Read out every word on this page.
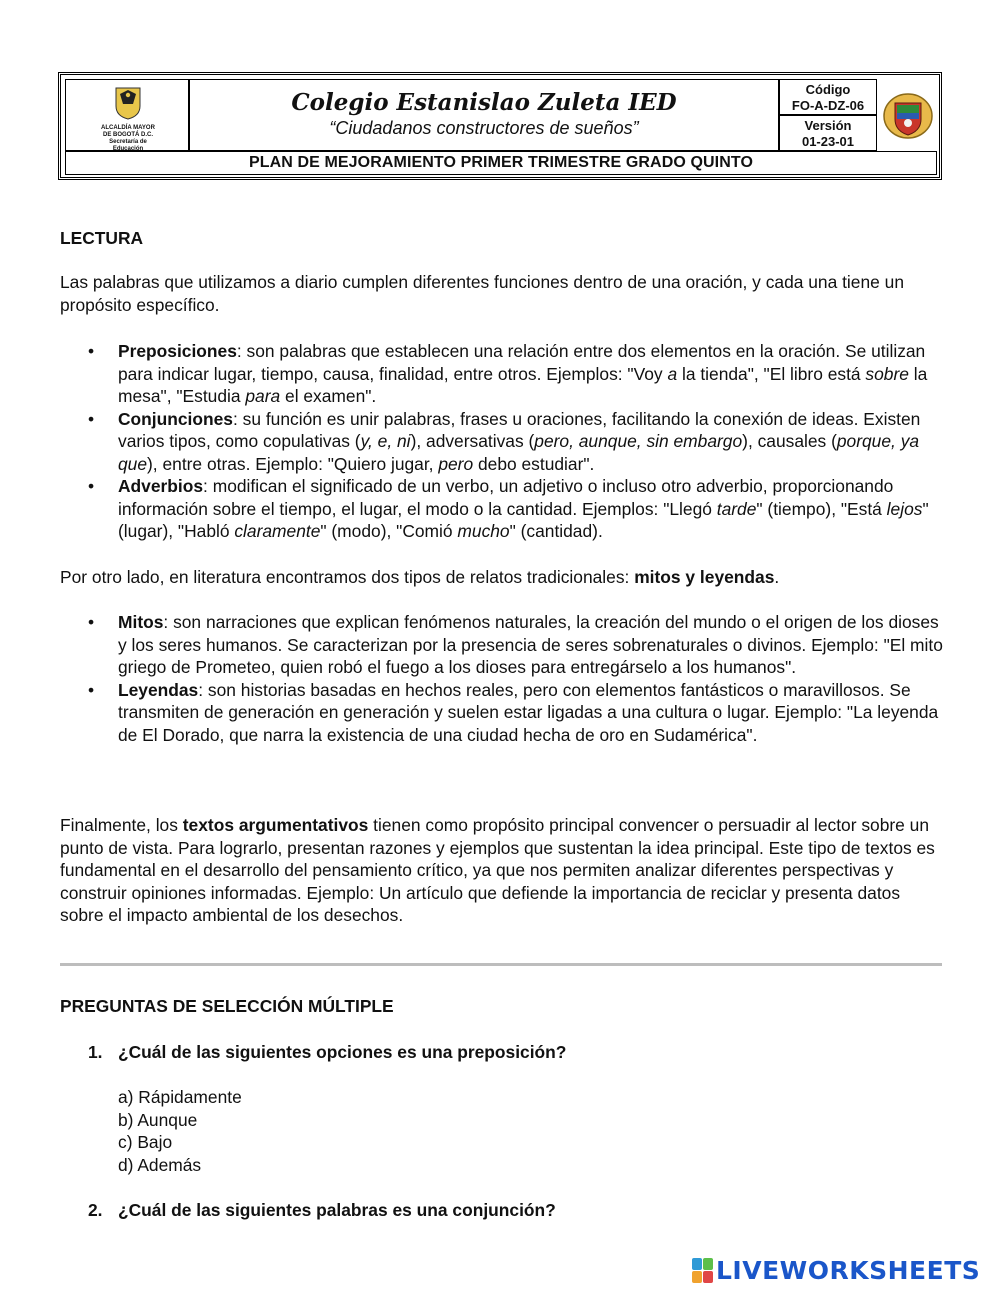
ALCALDÍA MAYOR
DE BOGOTÁ D.C.
Secretaría de
Educación
Colegio Estanislao Zuleta IED
“Ciudadanos constructores de sueños”
Código
FO-A-DZ-06
Versión
01-23-01
PLAN DE MEJORAMIENTO PRIMER TRIMESTRE GRADO QUINTO
LECTURA
Las palabras que utilizamos a diario cumplen diferentes funciones dentro de una oración, y cada una tiene un propósito específico.
• Preposiciones: son palabras que establecen una relación entre dos elementos en la oración. Se utilizan para indicar lugar, tiempo, causa, finalidad, entre otros. Ejemplos: "Voy a la tienda", "El libro está sobre la mesa", "Estudia para el examen".
• Conjunciones: su función es unir palabras, frases u oraciones, facilitando la conexión de ideas. Existen varios tipos, como copulativas (y, e, ni), adversativas (pero, aunque, sin embargo), causales (porque, ya que), entre otras. Ejemplo: "Quiero jugar, pero debo estudiar".
• Adverbios: modifican el significado de un verbo, un adjetivo o incluso otro adverbio, proporcionando información sobre el tiempo, el lugar, el modo o la cantidad. Ejemplos: "Llegó tarde" (tiempo), "Está lejos" (lugar), "Habló claramente" (modo), "Comió mucho" (cantidad).
Por otro lado, en literatura encontramos dos tipos de relatos tradicionales: mitos y leyendas.
• Mitos: son narraciones que explican fenómenos naturales, la creación del mundo o el origen de los dioses y los seres humanos. Se caracterizan por la presencia de seres sobrenaturales o divinos. Ejemplo: "El mito griego de Prometeo, quien robó el fuego a los dioses para entregárselo a los humanos".
• Leyendas: son historias basadas en hechos reales, pero con elementos fantásticos o maravillosos. Se transmiten de generación en generación y suelen estar ligadas a una cultura o lugar. Ejemplo: "La leyenda de El Dorado, que narra la existencia de una ciudad hecha de oro en Sudamérica".
Finalmente, los textos argumentativos tienen como propósito principal convencer o persuadir al lector sobre un punto de vista. Para lograrlo, presentan razones y ejemplos que sustentan la idea principal. Este tipo de textos es fundamental en el desarrollo del pensamiento crítico, ya que nos permiten analizar diferentes perspectivas y construir opiniones informadas. Ejemplo: Un artículo que defiende la importancia de reciclar y presenta datos sobre el impacto ambiental de los desechos.
PREGUNTAS DE SELECCIÓN MÚLTIPLE
1. ¿Cuál de las siguientes opciones es una preposición?
a) Rápidamente
b) Aunque
c) Bajo
d) Además
2. ¿Cuál de las siguientes palabras es una conjunción?
LIVEWORKSHEETS
